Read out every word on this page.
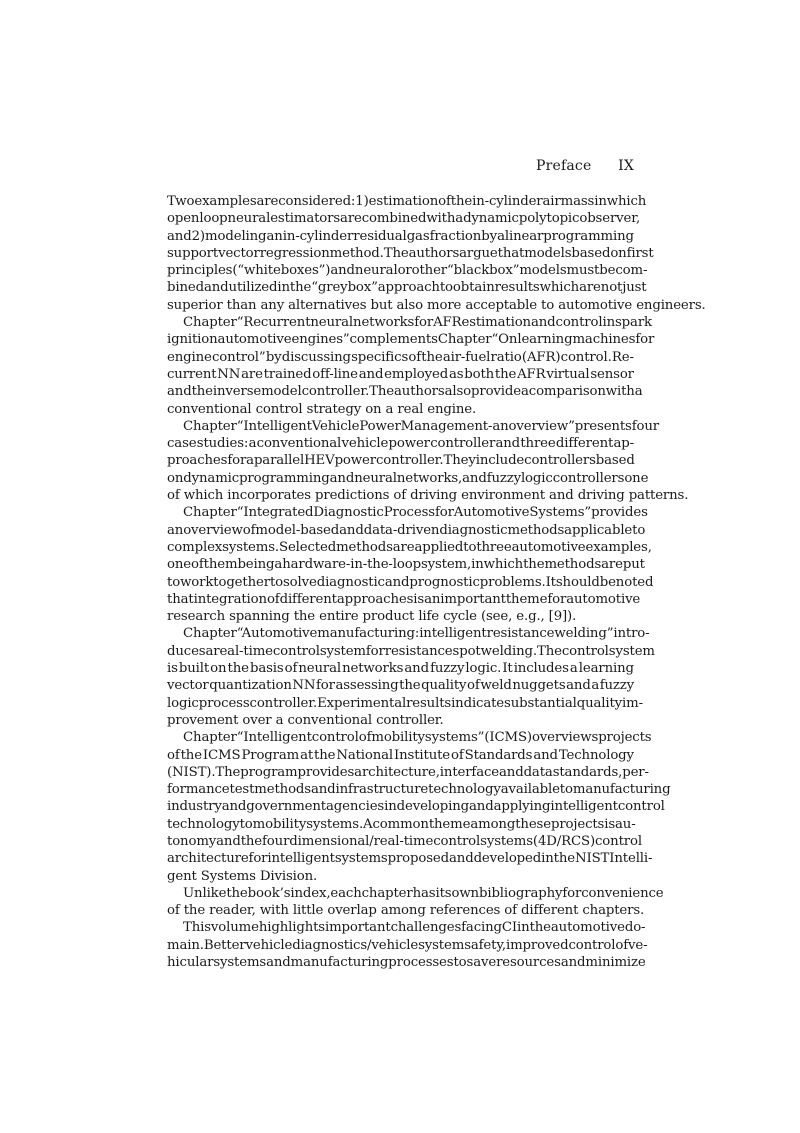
Preface IX
Two examples are considered: 1) estimation of the in-cylinder air mass in which
open loop neural estimators are combined with a dynamic polytopic observer,
and 2) modeling an in-cylinder residual gas fraction by a linear programming
support vector regression method. The authors argue that models based on first
principles (“white boxes”) and neural or other “black box” models must be com-
bined and utilized in the “grey box” approach to obtain results which are not just
superior than any alternatives but also more acceptable to automotive engineers.
Chapter “Recurrent neural networks for AFR estimation and control in spark
ignition automotive engines” complements Chapter “On learning machines for
engine control” by discussing specifics of the air-fuel ratio (AFR) control. Re-
current NN are trained off-line and employed as both the AFR virtual sensor
and the inverse model controller. The authors also provide a comparison with a
conventional control strategy on a real engine.
Chapter “Intelligent Vehicle Power Management - an overview” presents four
case studies: a conventional vehicle power controller and three different ap-
proaches for a parallel HEV power controller. They include controllers based
on dynamic programming and neural networks, and fuzzy logic controllers one
of which incorporates predictions of driving environment and driving patterns.
Chapter “Integrated Diagnostic Process for Automotive Systems” provides
an overview of model-based and data-driven diagnostic methods applicable to
complex systems. Selected methods are applied to three automotive examples,
one of them being a hardware-in-the-loop system, in which the methods are put
to work together to solve diagnostic and prognostic problems. It should be noted
that integration of different approaches is an important theme for automotive
research spanning the entire product life cycle (see, e.g., [9]).
Chapter “Automotive manufacturing: intelligent resistance welding” intro-
duces a real-time control system for resistance spot welding. The control system
is built on the basis of neural networks and fuzzy logic. It includes a learning
vector quantization NN for assessing the quality of weld nuggets and a fuzzy
logic process controller. Experimental results indicate substantial quality im-
provement over a conventional controller.
Chapter “Intelligent control of mobility systems” (ICMS) overviews projects
of the ICMS Program at the National Institute of Standards and Technology
(NIST). The program provides architecture, interface and data standards, per-
formance test methods and infrastructure technology available to manufacturing
industry and government agencies in developing and applying intelligent control
technology to mobility systems. A common theme among these projects is au-
tonomy and the four dimensional/real-time control systems (4D/RCS) control
architecture for intelligent systems proposed and developed in the NIST Intelli-
gent Systems Division.
Unlike the book’s index, each chapter has its own bibliography for convenience
of the reader, with little overlap among references of different chapters.
This volume highlights important challenges facing CI in the automotive do-
main. Better vehicle diagnostics/vehicle system safety, improved control of ve-
hicular systems and manufacturing processes to save resources and minimize
